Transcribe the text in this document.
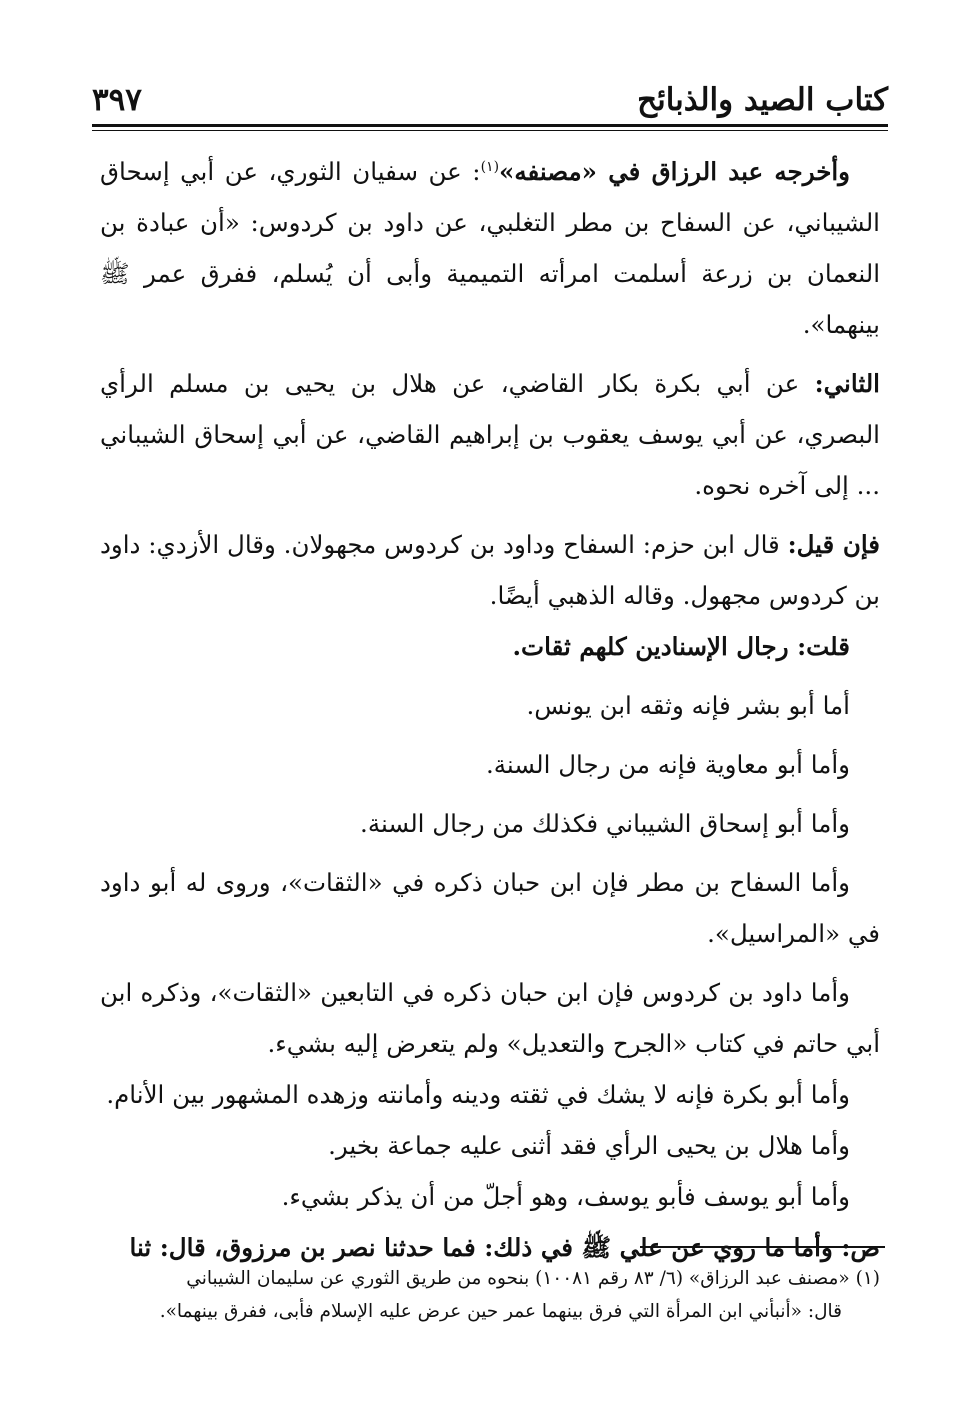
كتاب الصيد والذبائح
٣٩٧

وأخرجه عبد الرزاق في «مصنفه»$^{(١)}$: عن سفيان الثوري، عن أبي إسحاق الشيباني، عن السفاح بن مطر التغلبي، عن داود بن كردوس: «أن عبادة بن النعمان بن زرعة أسلمت امرأته التميمية وأبى أن يُسلم، ففرق عمر ﷺ بينهما».

الثاني: عن أبي بكرة بكار القاضي، عن هلال بن يحيى بن مسلم الرأي البصري، عن أبي يوسف يعقوب بن إبراهيم القاضي، عن أبي إسحاق الشيباني ... إلى آخره نحوه.

فإن قيل: قال ابن حزم: السفاح وداود بن كردوس مجهولان. وقال الأزدي: داود بن كردوس مجهول. وقاله الذهبي أيضًا.

قلت: رجال الإسنادين كلهم ثقات.

أما أبو بشر فإنه وثقه ابن يونس.

وأما أبو معاوية فإنه من رجال السنة.

وأما أبو إسحاق الشيباني فكذلك من رجال السنة.

وأما السفاح بن مطر فإن ابن حبان ذكره في «الثقات»، وروى له أبو داود في «المراسيل».

وأما داود بن كردوس فإن ابن حبان ذكره في التابعين «الثقات»، وذكره ابن أبي حاتم في كتاب «الجرح والتعديل» ولم يتعرض إليه بشيء.

وأما أبو بكرة فإنه لا يشك في ثقته ودينه وأمانته وزهده المشهور بين الأنام.

وأما هلال بن يحيى الرأي فقد أثنى عليه جماعة بخير.

وأما أبو يوسف فأبو يوسف، وهو أجلّ من أن يذكر بشيء.

ص: وأما ما روي عن علي ﷺ في ذلك: فما حدثنا نصر بن مرزوق، قال: ثنا

(١) «مصنف عبد الرزاق» (٦/ ٨٣ رقم ١٠٠٨١) بنحوه من طريق الثوري عن سليمان الشيباني

قال: «أنبأني ابن المرأة التي فرق بينهما عمر حين عرض عليه الإسلام فأبى، ففرق بينهما».
